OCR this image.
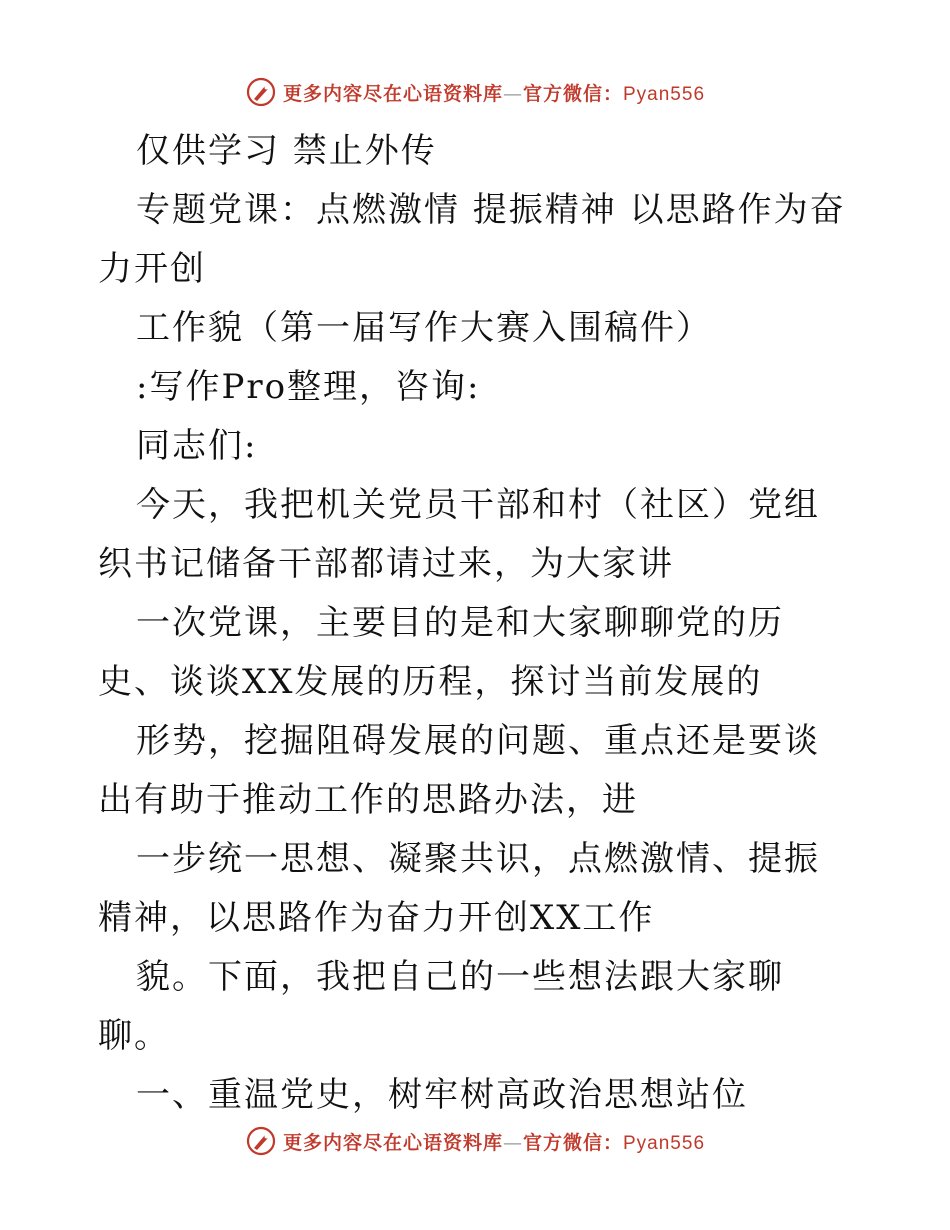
更多内容尽在心语资料库—官方微信：Pyan556

仅供学习 禁止外传

专题党课：点燃激情 提振精神 以思路作为奋力开创

工作貌（第一届写作大赛入围稿件）

:写作Pro整理，咨询:

同志们:

今天，我把机关党员干部和村（社区）党组织书记储备干部都请过来，为大家讲

一次党课，主要目的是和大家聊聊党的历史、谈谈XX发展的历程，探讨当前发展的

形势，挖掘阻碍发展的问题、重点还是要谈出有助于推动工作的思路办法，进

一步统一思想、凝聚共识，点燃激情、提振精神，以思路作为奋力开创XX工作

貌。下面，我把自己的一些想法跟大家聊聊。

一、重温党史，树牢树高政治思想站位

更多内容尽在心语资料库—官方微信：Pyan556
